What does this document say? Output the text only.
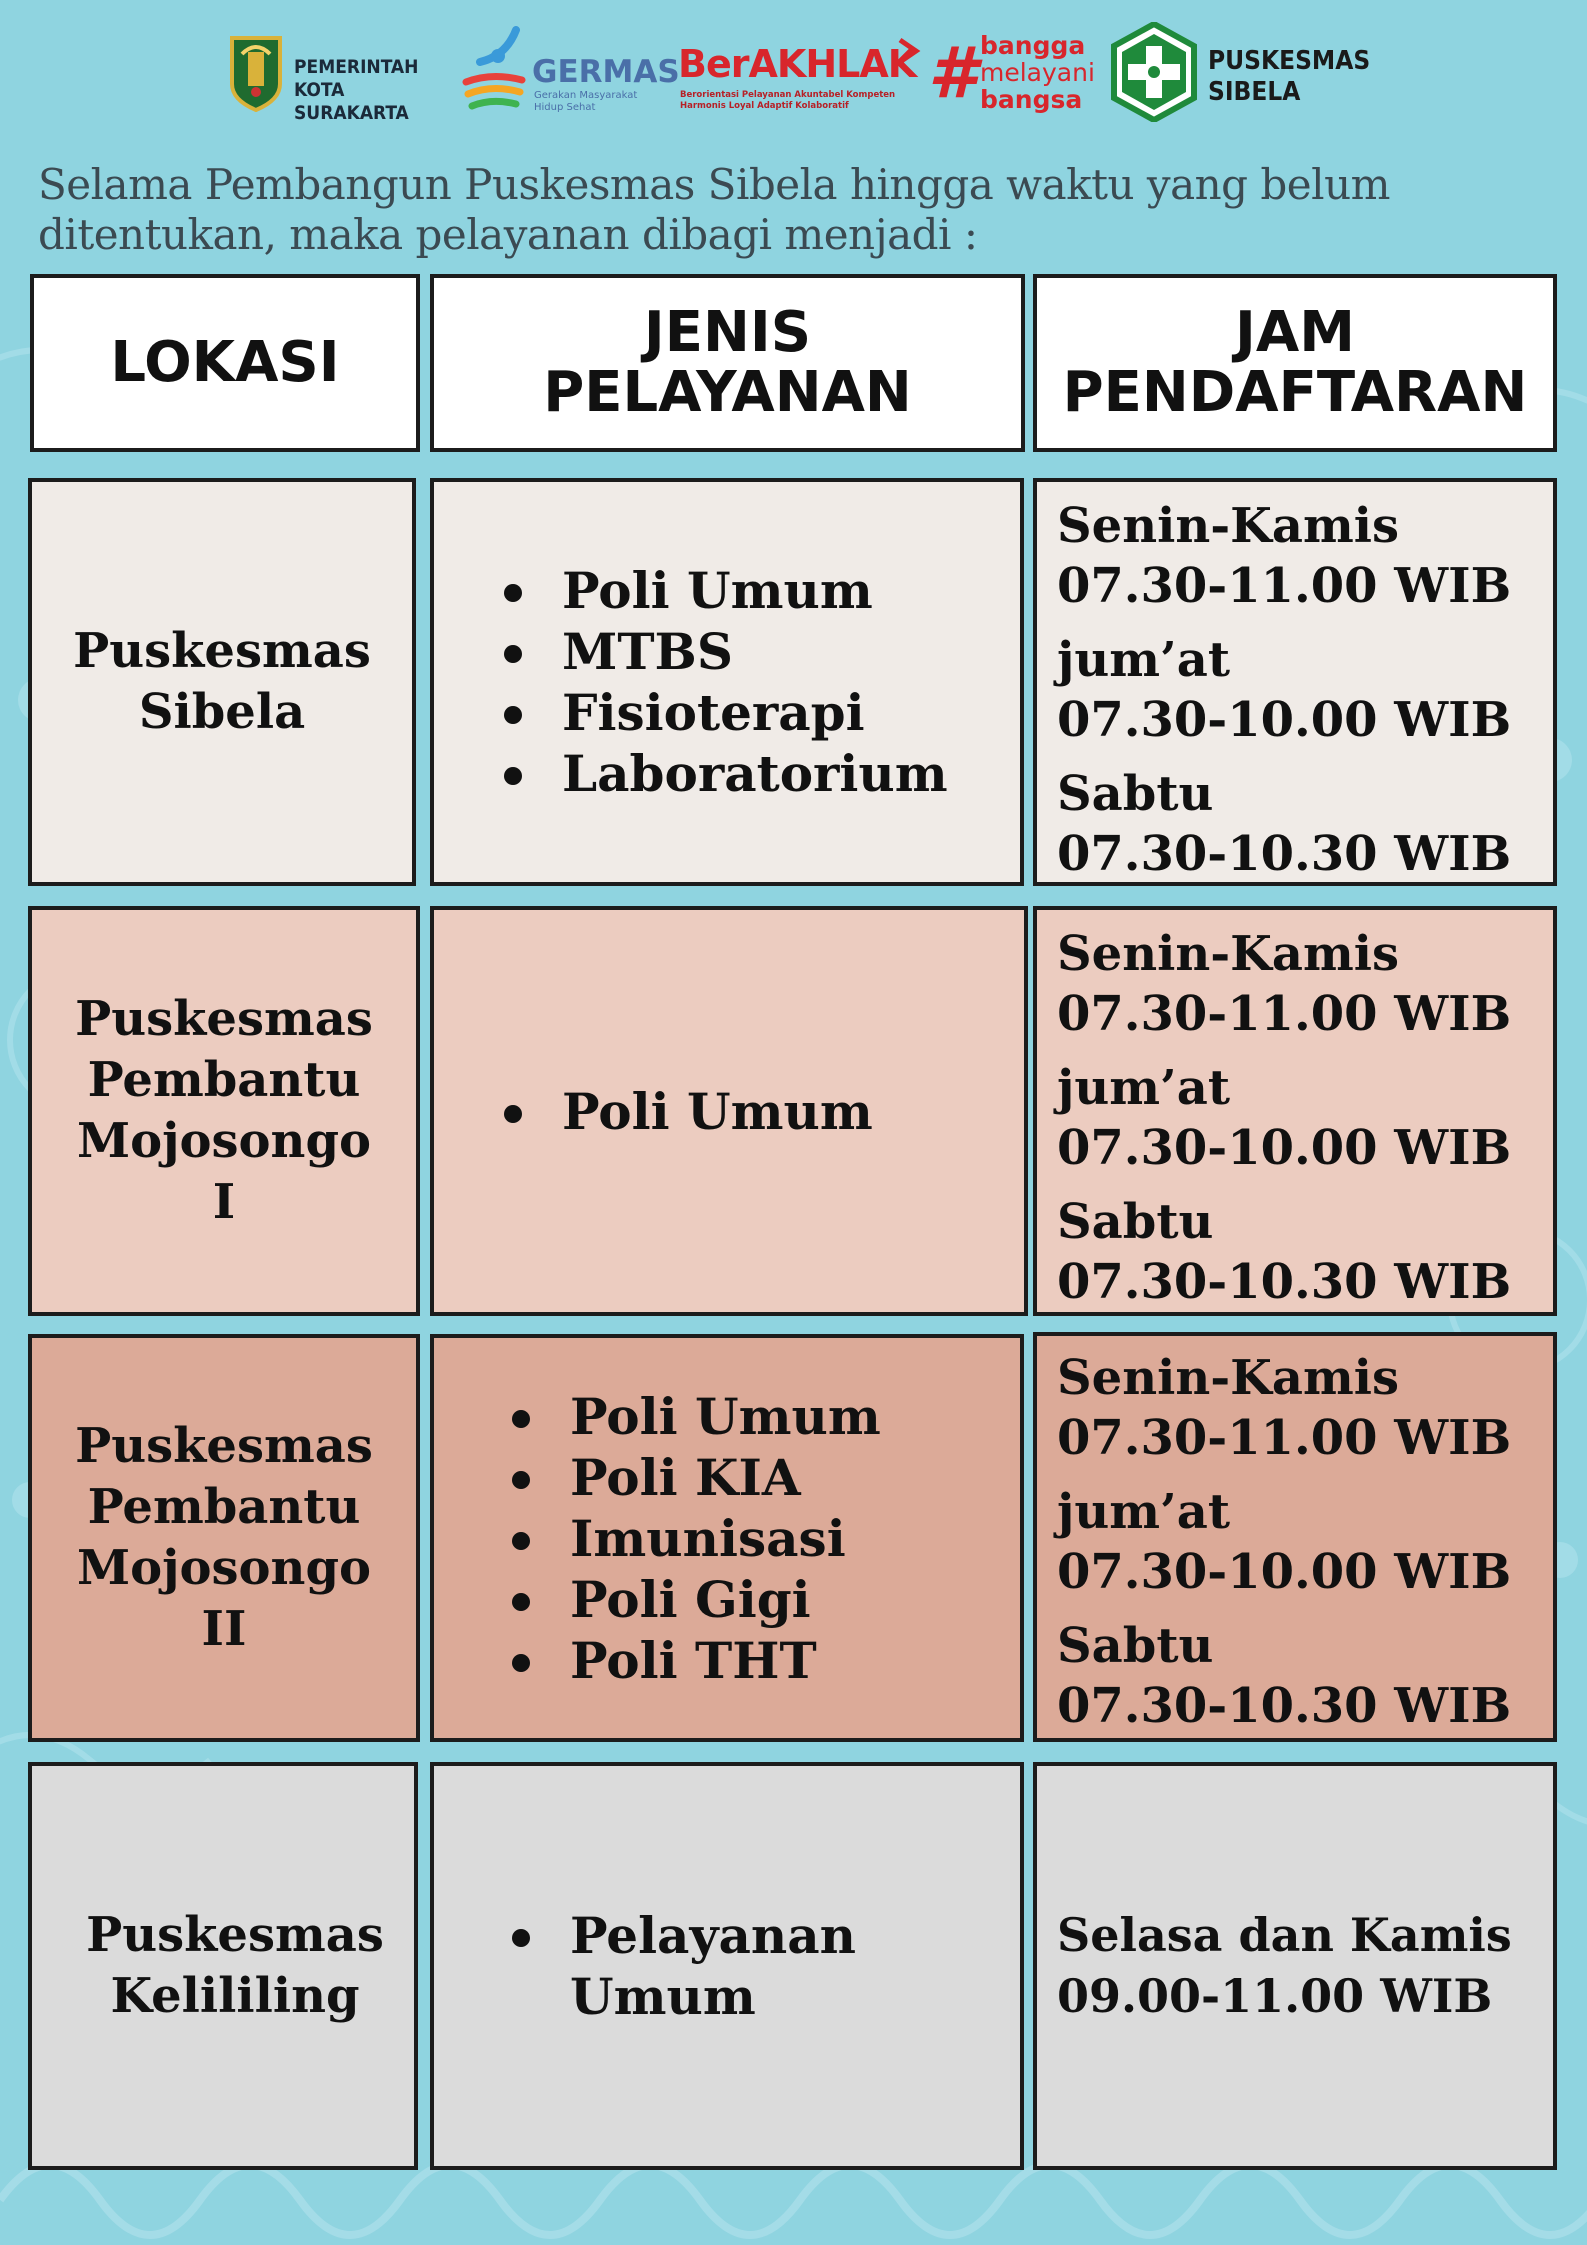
PEMERINTAH
KOTA SURAKARTA
GERMAS
Gerakan Masyarakat
Hidup Sehat
BerAKHLAK
Berorientasi Pelayanan Akuntabel Kompeten
Harmonis Loyal Adaptif Kolaboratif	# bangga
melayani
bangsa
PUSKESMAS
SIBELA
Selama Pembangun Puskesmas Sibela hingga waktu yang belum
ditentukan, maka pelayanan dibagi menjadi :
LOKASI	JENIS
PELAYANAN
JAM
PENDAFTARAN
Puskesmas
Sibela
Poli Umum
MTBS
Fisioterapi
Laboratorium
Senin-Kamis
07.30-11.00 WIB
jum’at
07.30-10.00 WIB
Sabtu
07.30-10.30 WIB
Puskesmas
Pembantu
Mojosongo
I
Poli Umum
Senin-Kamis
07.30-11.00 WIB
jum’at
07.30-10.00 WIB
Sabtu
07.30-10.30 WIB
Puskesmas
Pembantu
Mojosongo
II
Poli Umum
Poli KIA
Imunisasi
Poli Gigi
Poli THT
Senin-Kamis
07.30-11.00 WIB
jum’at
07.30-10.00 WIB
Sabtu
07.30-10.30 WIB
Puskesmas
Kelililing
Pelayanan Umum
Selasa dan Kamis
09.00-11.00 WIB
